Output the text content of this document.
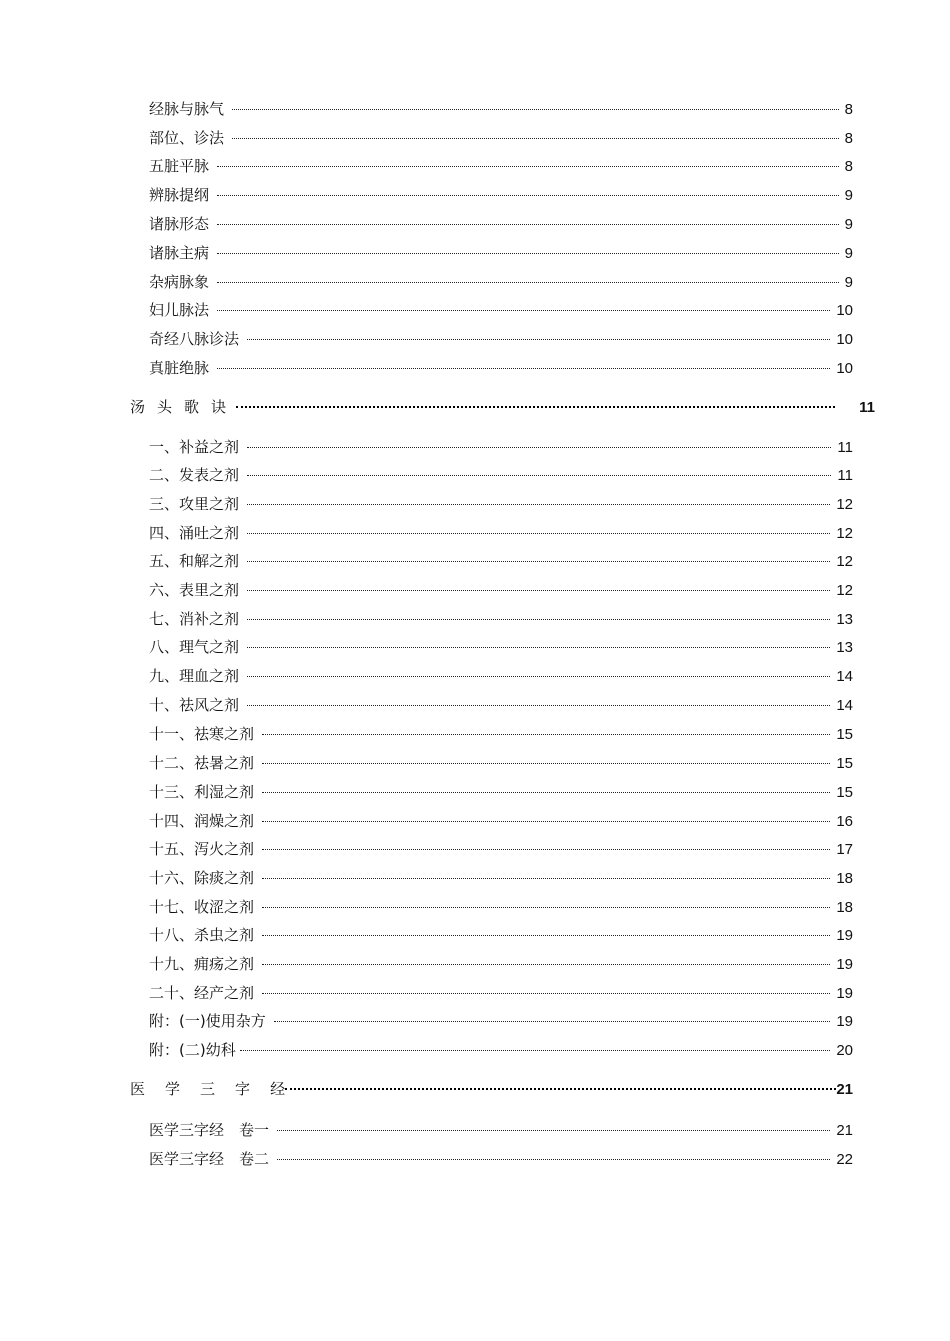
经脉与脉气	8
部位、诊法	8
五脏平脉	8
辨脉提纲	9
诸脉形态	9
诸脉主病	9
杂病脉象	9
妇儿脉法	10
奇经八脉诊法	10
真脏绝脉	10
汤 头 歌 诀	11
一、补益之剂	11
二、发表之剂	11
三、攻里之剂	12
四、涌吐之剂	12
五、和解之剂	12
六、表里之剂	12
七、消补之剂	13
八、理气之剂	13
九、理血之剂	14
十、祛风之剂	14
十一、祛寒之剂	15
十二、祛暑之剂	15
十三、利湿之剂	15
十四、润燥之剂	16
十五、泻火之剂	17
十六、除痰之剂	18
十七、收涩之剂	18
十八、杀虫之剂	19
十九、痈疡之剂	19
二十、经产之剂	19
附：(一)使用杂方	19
附：(二)幼科	20
医 学 三 字 经	21
医学三字经　卷一	21
医学三字经　卷二	22
